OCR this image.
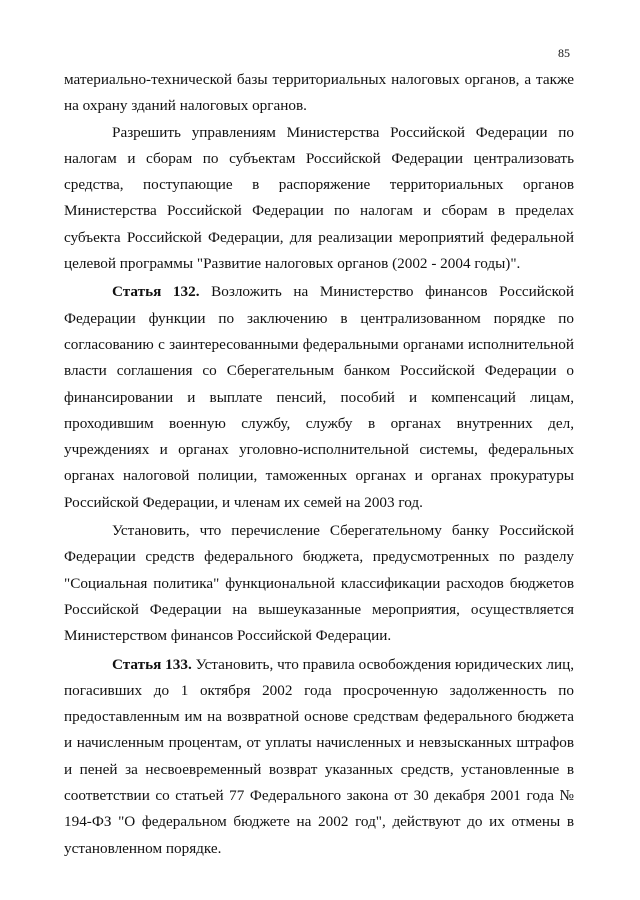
85

материально-технической базы территориальных налоговых органов, а также на охрану зданий налоговых органов.

Разрешить управлениям Министерства Российской Федерации по налогам и сборам по субъектам Российской Федерации централизовать средства, поступающие в распоряжение территориальных органов Министерства Российской Федерации по налогам и сборам в пределах субъекта Российской Федерации, для реализации мероприятий федеральной целевой программы "Развитие налоговых органов (2002 - 2004 годы)".

Статья 132. Возложить на Министерство финансов Российской Федерации функции по заключению в централизованном порядке по согласованию с заинтересованными федеральными органами исполнительной власти соглашения со Сберегательным банком Российской Федерации о финансировании и выплате пенсий, пособий и компенсаций лицам, проходившим военную службу, службу в органах внутренних дел, учреждениях и органах уголовно-исполнительной системы, федеральных органах налоговой полиции, таможенных органах и органах прокуратуры Российской Федерации, и членам их семей на 2003 год.

Установить, что перечисление Сберегательному банку Российской Федерации средств федерального бюджета, предусмотренных по разделу "Социальная политика" функциональной классификации расходов бюджетов Российской Федерации на вышеуказанные мероприятия, осуществляется Министерством финансов Российской Федерации.

Статья 133. Установить, что правила освобождения юридических лиц, погасивших до 1 октября 2002 года просроченную задолженность по предоставленным им на возвратной основе средствам федерального бюджета и начисленным процентам, от уплаты начисленных и невзысканных штрафов и пеней за несвоевременный возврат указанных средств, установленные в соответствии со статьей 77 Федерального закона от 30 декабря 2001 года № 194-ФЗ "О федеральном бюджете на 2002 год", действуют до их отмены в установленном порядке.
